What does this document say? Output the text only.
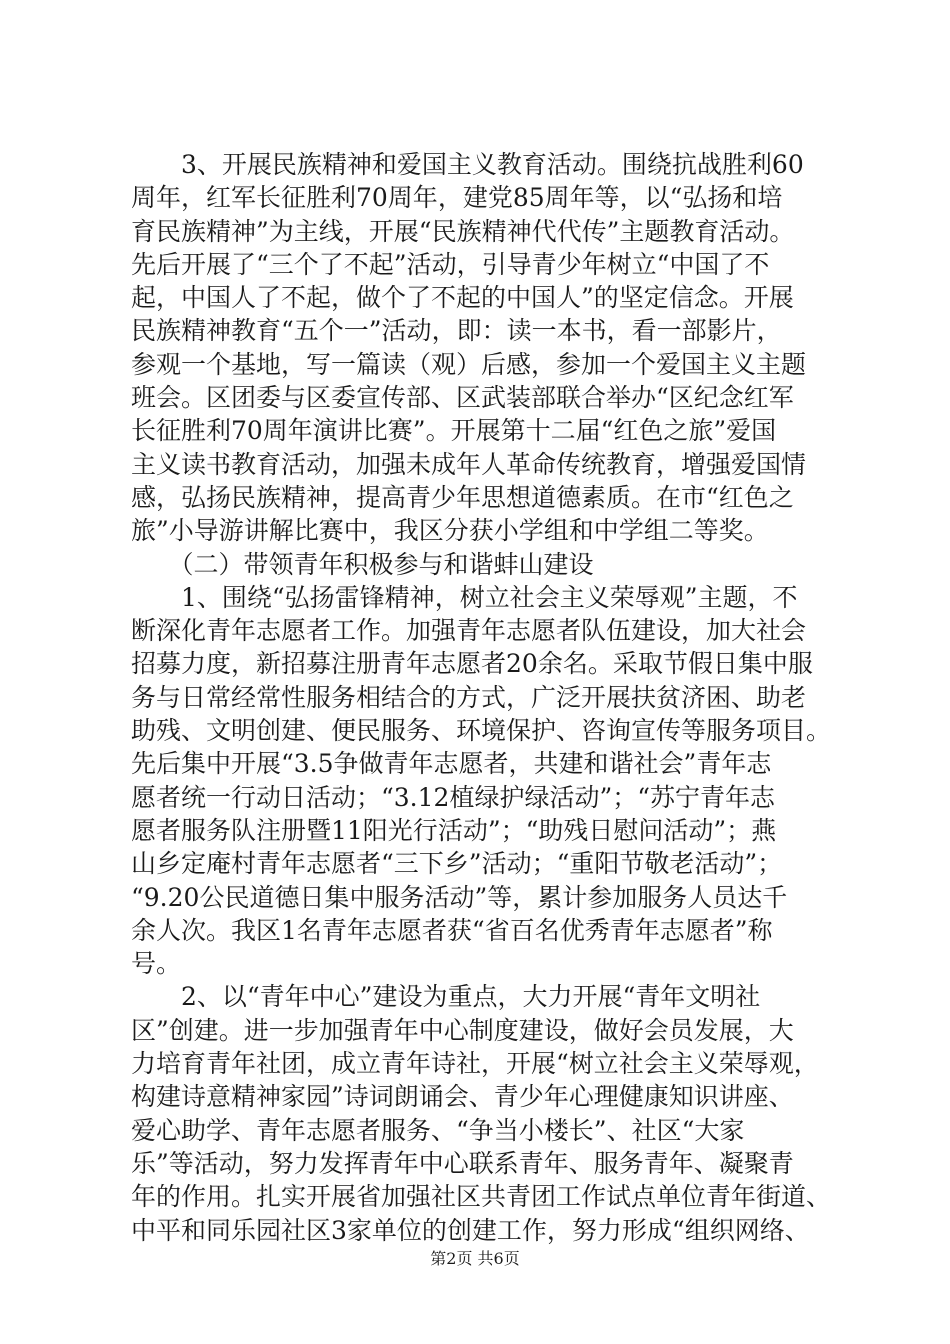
　　3、开展民族精神和爱国主义教育活动。围绕抗战胜利60
周年，红军长征胜利70周年，建党85周年等，以“弘扬和培
育民族精神”为主线，开展“民族精神代代传”主题教育活动。
先后开展了“三个了不起”活动，引导青少年树立“中国了不
起，中国人了不起，做个了不起的中国人”的坚定信念。开展
民族精神教育“五个一”活动，即：读一本书，看一部影片，
参观一个基地，写一篇读（观）后感，参加一个爱国主义主题
班会。区团委与区委宣传部、区武装部联合举办“区纪念红军
长征胜利70周年演讲比赛”。开展第十二届“红色之旅”爱国
主义读书教育活动，加强未成年人革命传统教育，增强爱国情
感，弘扬民族精神，提高青少年思想道德素质。在市“红色之
旅”小导游讲解比赛中，我区分获小学组和中学组二等奖。
　　（二）带领青年积极参与和谐蚌山建设
　　1、围绕“弘扬雷锋精神，树立社会主义荣辱观”主题，不
断深化青年志愿者工作。加强青年志愿者队伍建设，加大社会
招募力度，新招募注册青年志愿者20余名。采取节假日集中服
务与日常经常性服务相结合的方式，广泛开展扶贫济困、助老
助残、文明创建、便民服务、环境保护、咨询宣传等服务项目。
先后集中开展“3.5争做青年志愿者，共建和谐社会”青年志
愿者统一行动日活动；“3.12植绿护绿活动”；“苏宁青年志
愿者服务队注册暨11阳光行活动”；“助残日慰问活动”；燕
山乡定庵村青年志愿者“三下乡”活动；“重阳节敬老活动”；
“9.20公民道德日集中服务活动”等，累计参加服务人员达千
余人次。我区1名青年志愿者获“省百名优秀青年志愿者”称
号。
　　2、以“青年中心”建设为重点，大力开展“青年文明社
区”创建。进一步加强青年中心制度建设，做好会员发展，大
力培育青年社团，成立青年诗社，开展“树立社会主义荣辱观，
构建诗意精神家园”诗词朗诵会、青少年心理健康知识讲座、
爱心助学、青年志愿者服务、“争当小楼长”、社区“大家
乐”等活动，努力发挥青年中心联系青年、服务青年、凝聚青
年的作用。扎实开展省加强社区共青团工作试点单位青年街道、
中平和同乐园社区3家单位的创建工作，努力形成“组织网络、
第2页 共6页
